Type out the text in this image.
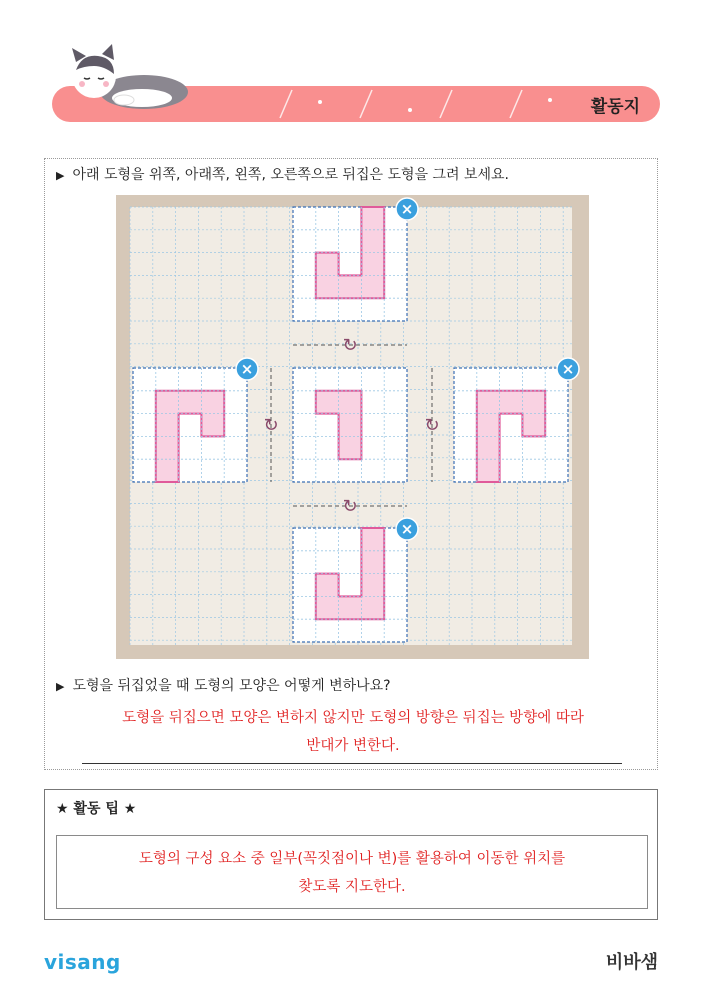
활동지
▶ 아래 도형을 위쪽, 아래쪽, 왼쪽, 오른쪽으로 뒤집은 도형을 그려 보세요.
↻
↻
↻	↻
×
×	×
×
▶ 도형을 뒤집었을 때 도형의 모양은 어떻게 변하나요?
도형을 뒤집으면 모양은 변하지 않지만 도형의 방향은 뒤집는 방향에 따라
반대가 변한다.
★ 활동 팁 ★
도형의 구성 요소 중 일부(꼭짓점이나 변)를 활용하여 이동한 위치를
찾도록 지도한다.
visang	비바샘
